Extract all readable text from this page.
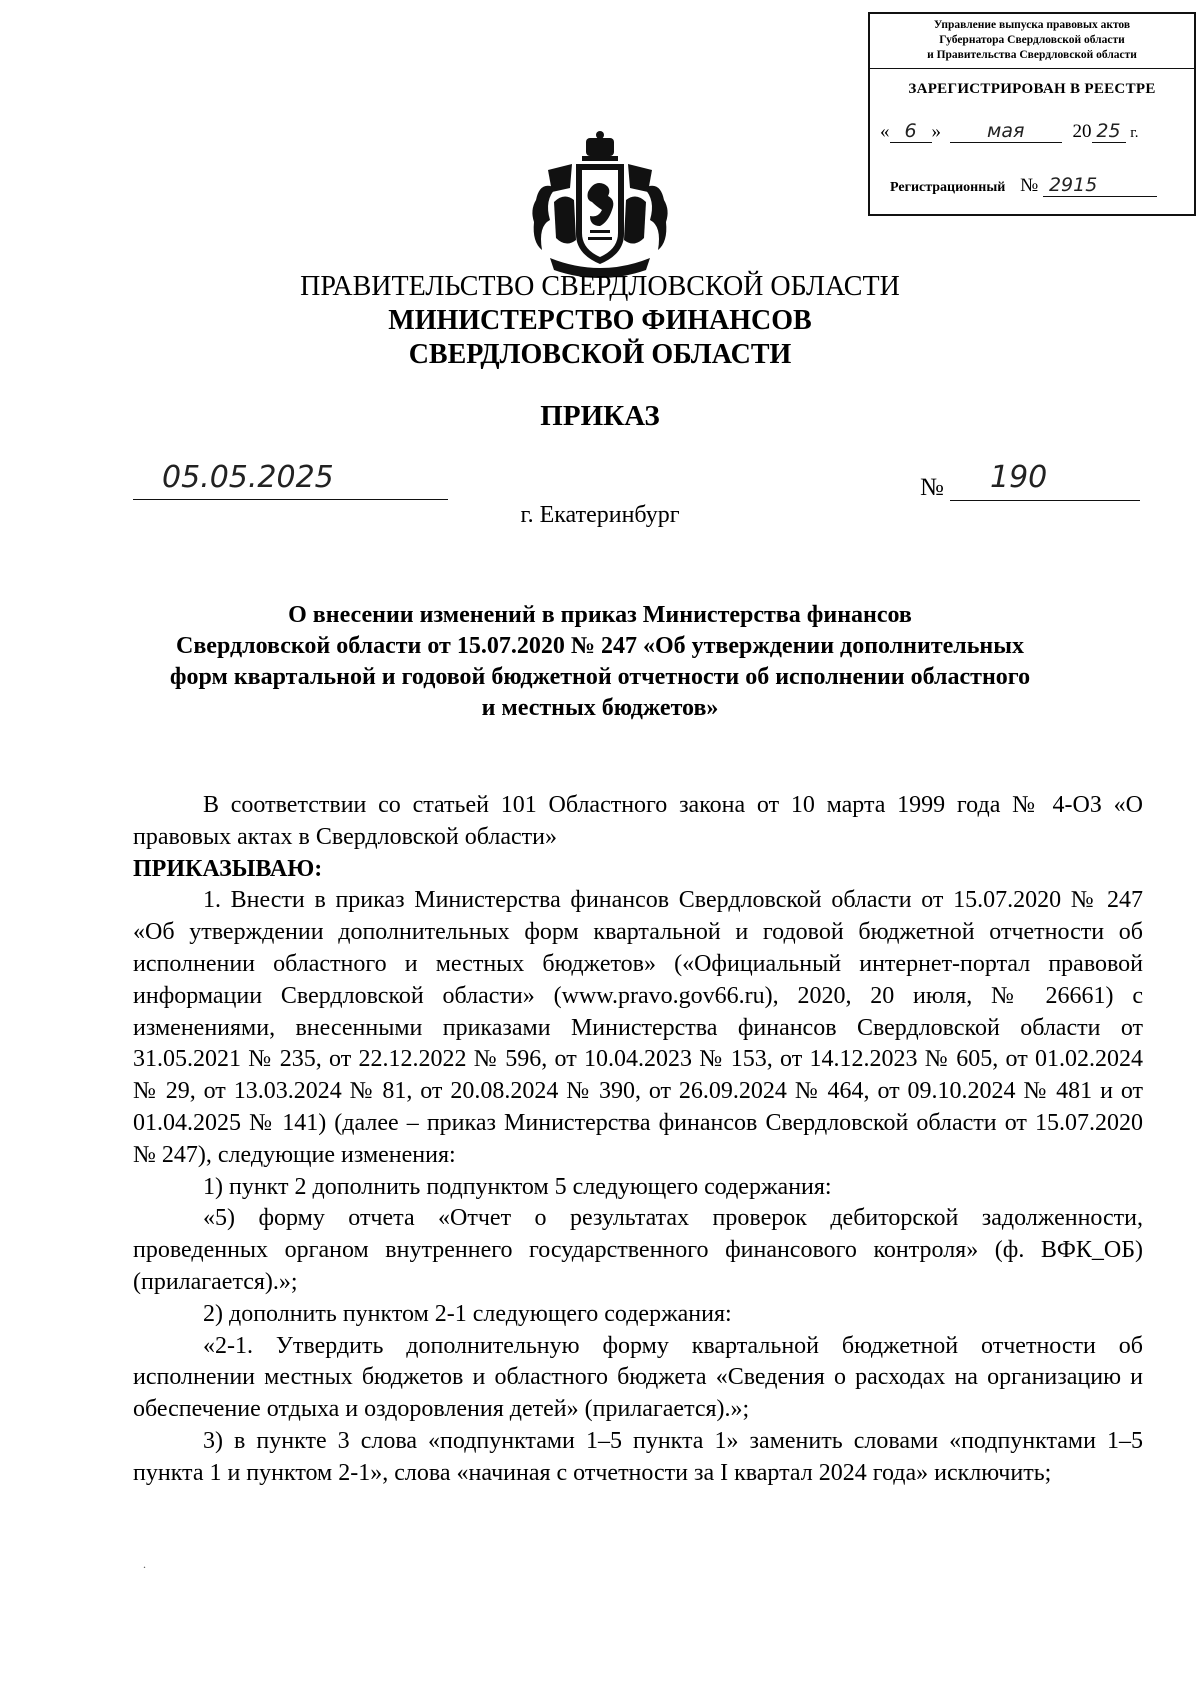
Управление выпуска правовых актов
Губернатора Свердловской области
и Правительства Свердловской области
ЗАРЕГИСТРИРОВАН В РЕЕСТРЕ
« 6 » мая	20 25 г.
Регистрационный № 2915
ПРАВИТЕЛЬСТВО СВЕРДЛОВСКОЙ ОБЛАСТИ
МИНИСТЕРСТВО ФИНАНСОВ
СВЕРДЛОВСКОЙ ОБЛАСТИ
ПРИКАЗ
05.05.2025	№ 190
г. Екатеринбург
О внесении изменений в приказ Министерства финансов
Свердловской области от 15.07.2020 № 247 «Об утверждении дополнительных
форм квартальной и годовой бюджетной отчетности об исполнении областного
и местных бюджетов»

В соответствии со статьей 101 Областного закона от 10 марта 1999 года № 4-ОЗ «О правовых актах в Свердловской области»

ПРИКАЗЫВАЮ:

1. Внести в приказ Министерства финансов Свердловской области от 15.07.2020 № 247 «Об утверждении дополнительных форм квартальной и годовой бюджетной отчетности об исполнении областного и местных бюджетов» («Официальный интернет-портал правовой информации Свердловской области» (www.pravo.gov66.ru), 2020, 20 июля, № 26661) с изменениями, внесенными приказами Министерства финансов Свердловской области от 31.05.2021 № 235, от 22.12.2022 № 596, от 10.04.2023 № 153, от 14.12.2023 № 605, от 01.02.2024 № 29, от 13.03.2024 № 81, от 20.08.2024 № 390, от 26.09.2024 № 464, от 09.10.2024 № 481 и от 01.04.2025 № 141) (далее – приказ Министерства финансов Свердловской области от 15.07.2020 № 247), следующие изменения:

1) пункт 2 дополнить подпунктом 5 следующего содержания:

«5) форму отчета «Отчет о результатах проверок дебиторской задолженности, проведенных органом внутреннего государственного финансового контроля» (ф. ВФК_ОБ) (прилагается).»;

2) дополнить пунктом 2-1 следующего содержания:

«2-1. Утвердить дополнительную форму квартальной бюджетной отчетности об исполнении местных бюджетов и областного бюджета «Сведения о расходах на организацию и обеспечение отдыха и оздоровления детей» (прилагается).»;

3) в пункте 3 слова «подпунктами 1–5 пункта 1» заменить словами «подпунктами 1–5 пункта 1 и пунктом 2-1», слова «начиная с отчетности за I квартал 2024 года» исключить;

.
